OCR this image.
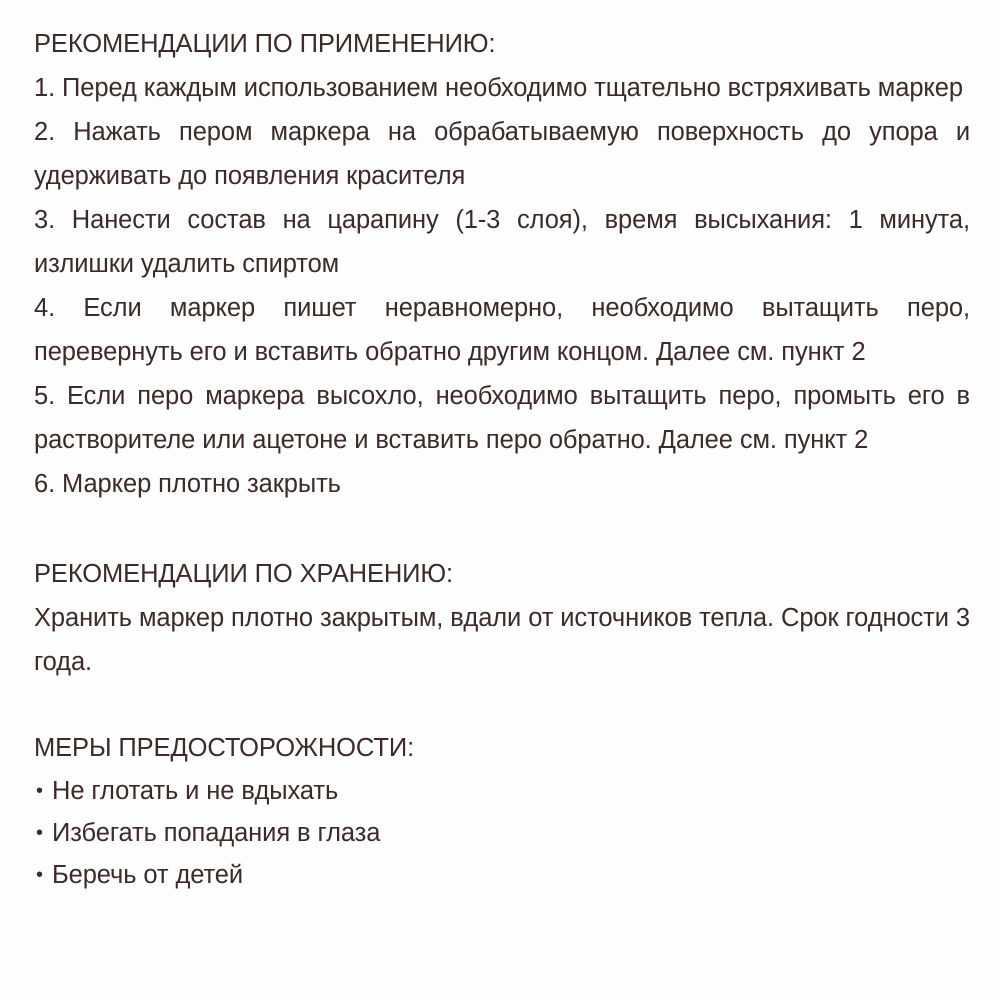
РЕКОМЕНДАЦИИ ПО ПРИМЕНЕНИЮ:
1. Перед каждым использованием необходимо тщательно встряхивать маркер
2. Нажать пером маркера на обрабатываемую поверхность до упора и удерживать до появления красителя
3. Нанести состав на царапину (1-3 слоя), время высыхания: 1 минута, излишки удалить спиртом
4. Если маркер пишет неравномерно, необходимо вытащить перо, перевернуть его и вставить обратно другим концом. Далее см. пункт 2
5. Если перо маркера высохло, необходимо вытащить перо, промыть его в растворителе или ацетоне и вставить перо обратно. Далее см. пункт 2
6. Маркер плотно закрыть
РЕКОМЕНДАЦИИ ПО ХРАНЕНИЮ:
Хранить маркер плотно закрытым, вдали от источников тепла. Срок годности 3 года.
МЕРЫ ПРЕДОСТОРОЖНОСТИ:
• Не глотать и не вдыхать
• Избегать попадания в глаза
• Беречь от детей
